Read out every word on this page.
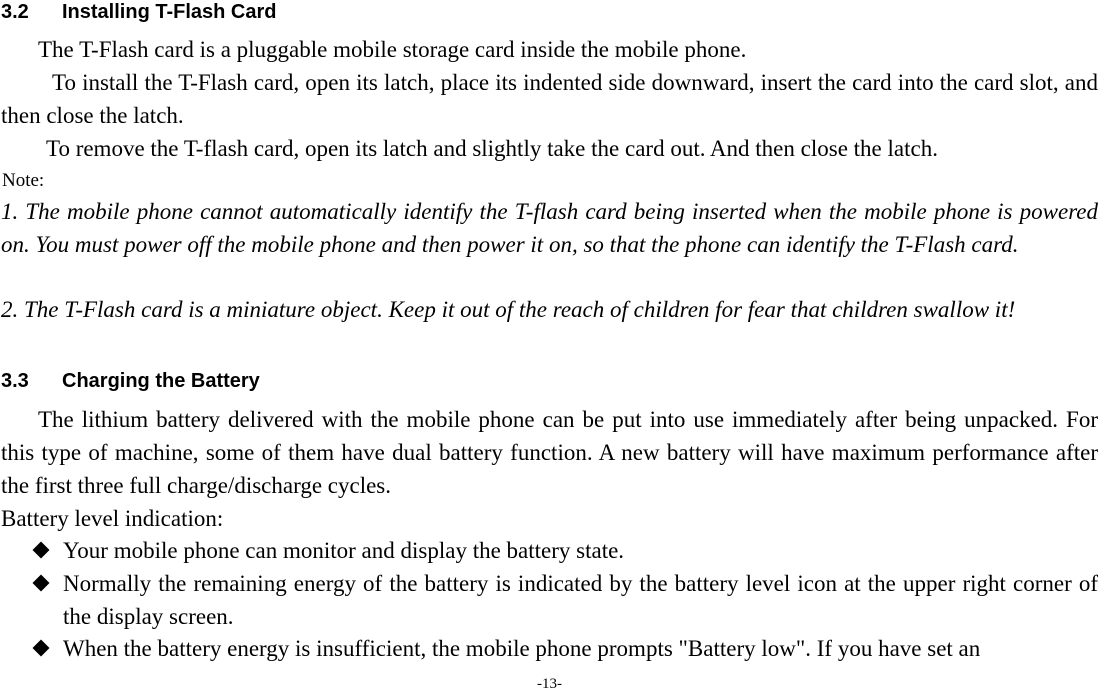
3.2 Installing T-Flash Card

The T-Flash card is a pluggable mobile storage card inside the mobile phone.

To install the T-Flash card, open its latch, place its indented side downward, insert the card into the card slot, and then close the latch.

To remove the T-flash card, open its latch and slightly take the card out. And then close the latch.

Note:

1. The mobile phone cannot automatically identify the T-flash card being inserted when the mobile phone is powered on. You must power off the mobile phone and then power it on, so that the phone can identify the T-Flash card.

2. The T-Flash card is a miniature object. Keep it out of the reach of children for fear that children swallow it!

3.3 Charging the Battery

The lithium battery delivered with the mobile phone can be put into use immediately after being unpacked. For this type of machine, some of them have dual battery function. A new battery will have maximum performance after the first three full charge/discharge cycles.

Battery level indication:

Your mobile phone can monitor and display the battery state.

Normally the remaining energy of the battery is indicated by the battery level icon at the upper right corner of the display screen.

When the battery energy is insufficient, the mobile phone prompts "Battery low". If you have set an

-13-
